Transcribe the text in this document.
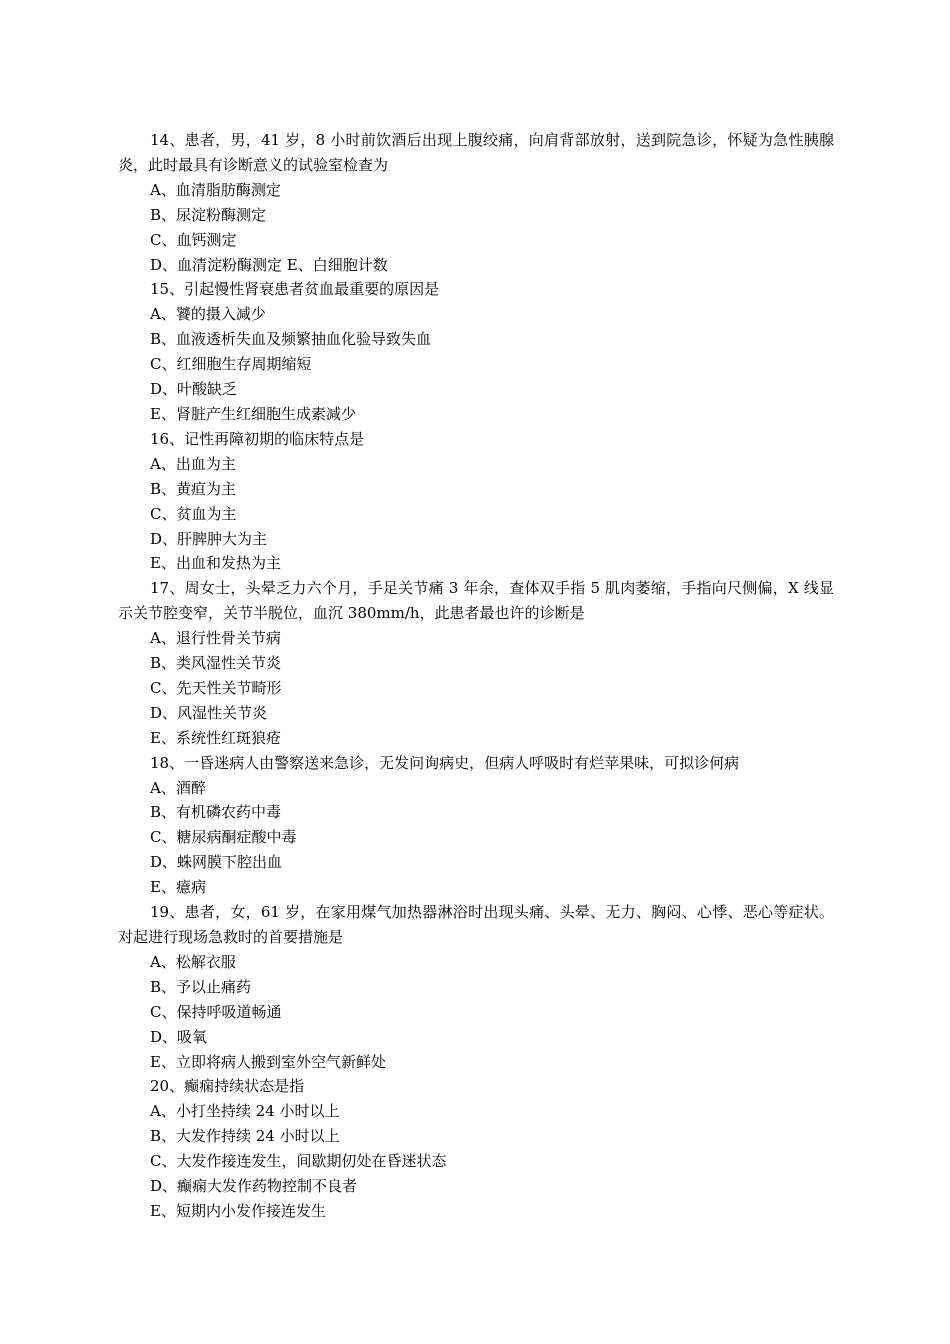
14、患者，男，41 岁，8 小时前饮酒后出现上腹绞痛，向肩背部放射，送到院急诊，怀疑为急性胰腺炎，此时最具有诊断意义的试验室检查为

A、血清脂肪酶测定

B、尿淀粉酶测定

C、血钙测定

D、血清淀粉酶测定 E、白细胞计数

15、引起慢性肾衰患者贫血最重要的原因是

A、饕的摄入减少

B、血液透析失血及频繁抽血化验导致失血

C、红细胞生存周期缩短

D、叶酸缺乏

E、肾脏产生红细胞生成素减少

16、记性再障初期的临床特点是

A、出血为主

B、黄疸为主

C、贫血为主

D、肝脾肿大为主

E、出血和发热为主

17、周女士，头晕乏力六个月，手足关节痛 3 年余，查体双手指 5 肌肉萎缩，手指向尺侧偏，X 线显示关节腔变窄，关节半脱位，血沉 380mm/h，此患者最也许的诊断是

A、退行性骨关节病

B、类风湿性关节炎

C、先天性关节畸形

D、风湿性关节炎

E、系统性红斑狼疮

18、一昏迷病人由警察送来急诊，无发问询病史，但病人呼吸时有烂苹果味，可拟诊何病

A、酒醉

B、有机磷农药中毒

C、糖尿病酮症酸中毒

D、蛛网膜下腔出血

E、癔病

19、患者，女，61 岁，在家用煤气加热器淋浴时出现头痛、头晕、无力、胸闷、心悸、恶心等症状。对起进行现场急救时的首要措施是

A、松解衣服

B、予以止痛药

C、保持呼吸道畅通

D、吸氧

E、立即将病人搬到室外空气新鲜处

20、癫痫持续状态是指

A、小打坐持续 24 小时以上

B、大发作持续 24 小时以上

C、大发作接连发生，间歇期仞处在昏迷状态

D、癫痫大发作药物控制不良者

E、短期内小发作接连发生
